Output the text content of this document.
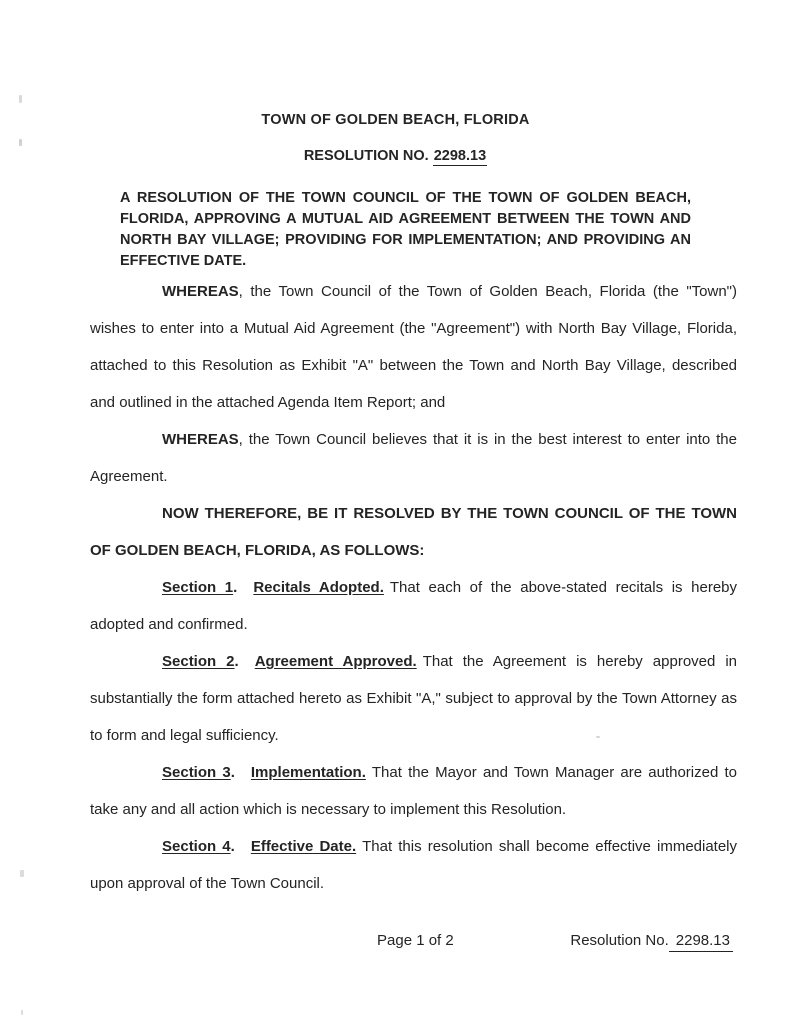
TOWN OF GOLDEN BEACH, FLORIDA
RESOLUTION NO. 2298.13
A RESOLUTION OF THE TOWN COUNCIL OF THE TOWN OF GOLDEN BEACH, FLORIDA, APPROVING A MUTUAL AID AGREEMENT BETWEEN THE TOWN AND NORTH BAY VILLAGE; PROVIDING FOR IMPLEMENTATION; AND PROVIDING AN EFFECTIVE DATE.

WHEREAS, the Town Council of the Town of Golden Beach, Florida (the "Town") wishes to enter into a Mutual Aid Agreement (the "Agreement") with North Bay Village, Florida, attached to this Resolution as Exhibit "A" between the Town and North Bay Village, described and outlined in the attached Agenda Item Report; and

WHEREAS, the Town Council believes that it is in the best interest to enter into the Agreement.

NOW THEREFORE, BE IT RESOLVED BY THE TOWN COUNCIL OF THE TOWN OF GOLDEN BEACH, FLORIDA, AS FOLLOWS:

Section 1. Recitals Adopted. That each of the above-stated recitals is hereby adopted and confirmed.

Section 2. Agreement Approved. That the Agreement is hereby approved in substantially the form attached hereto as Exhibit "A," subject to approval by the Town Attorney as to form and legal sufficiency.

Section 3. Implementation. That the Mayor and Town Manager are authorized to take any and all action which is necessary to implement this Resolution.

Section 4. Effective Date. That this resolution shall become effective immediately upon approval of the Town Council.

Page 1 of 2	Resolution No. 2298.13
